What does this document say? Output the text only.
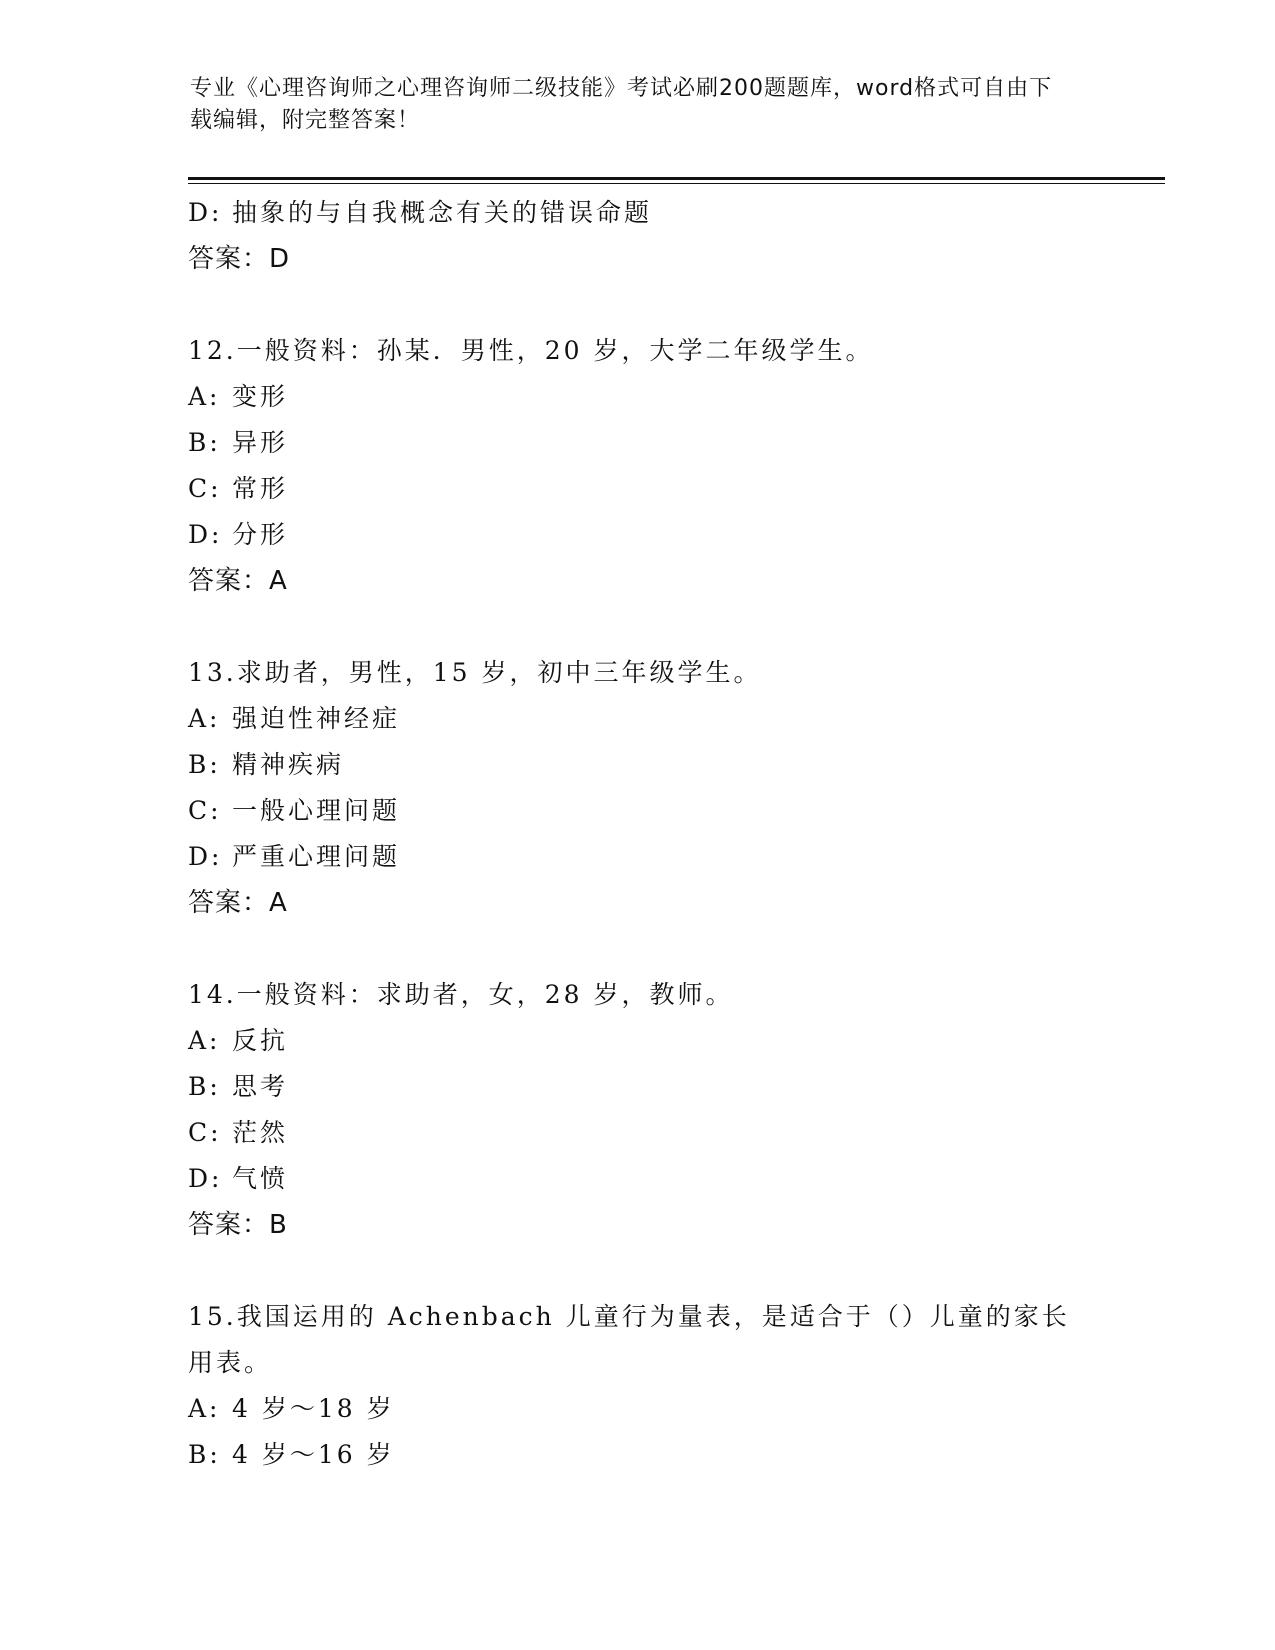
专业《心理咨询师之心理咨询师二级技能》考试必刷200题题库，word格式可自由下载编辑，附完整答案！
D: 抽象的与自我概念有关的错误命题
答案：D
12.一般资料：孙某．男性，20 岁，大学二年级学生。
A: 变形
B: 异形
C: 常形
D: 分形
答案：A
13.求助者，男性，15 岁，初中三年级学生。
A: 强迫性神经症
B: 精神疾病
C: 一般心理问题
D: 严重心理问题
答案：A
14.一般资料：求助者，女，28 岁，教师。
A: 反抗
B: 思考
C: 茫然
D: 气愤
答案：B
15.我国运用的 Achenbach 儿童行为量表，是适合于（）儿童的家长用表。
A: 4 岁～18 岁
B: 4 岁～16 岁
